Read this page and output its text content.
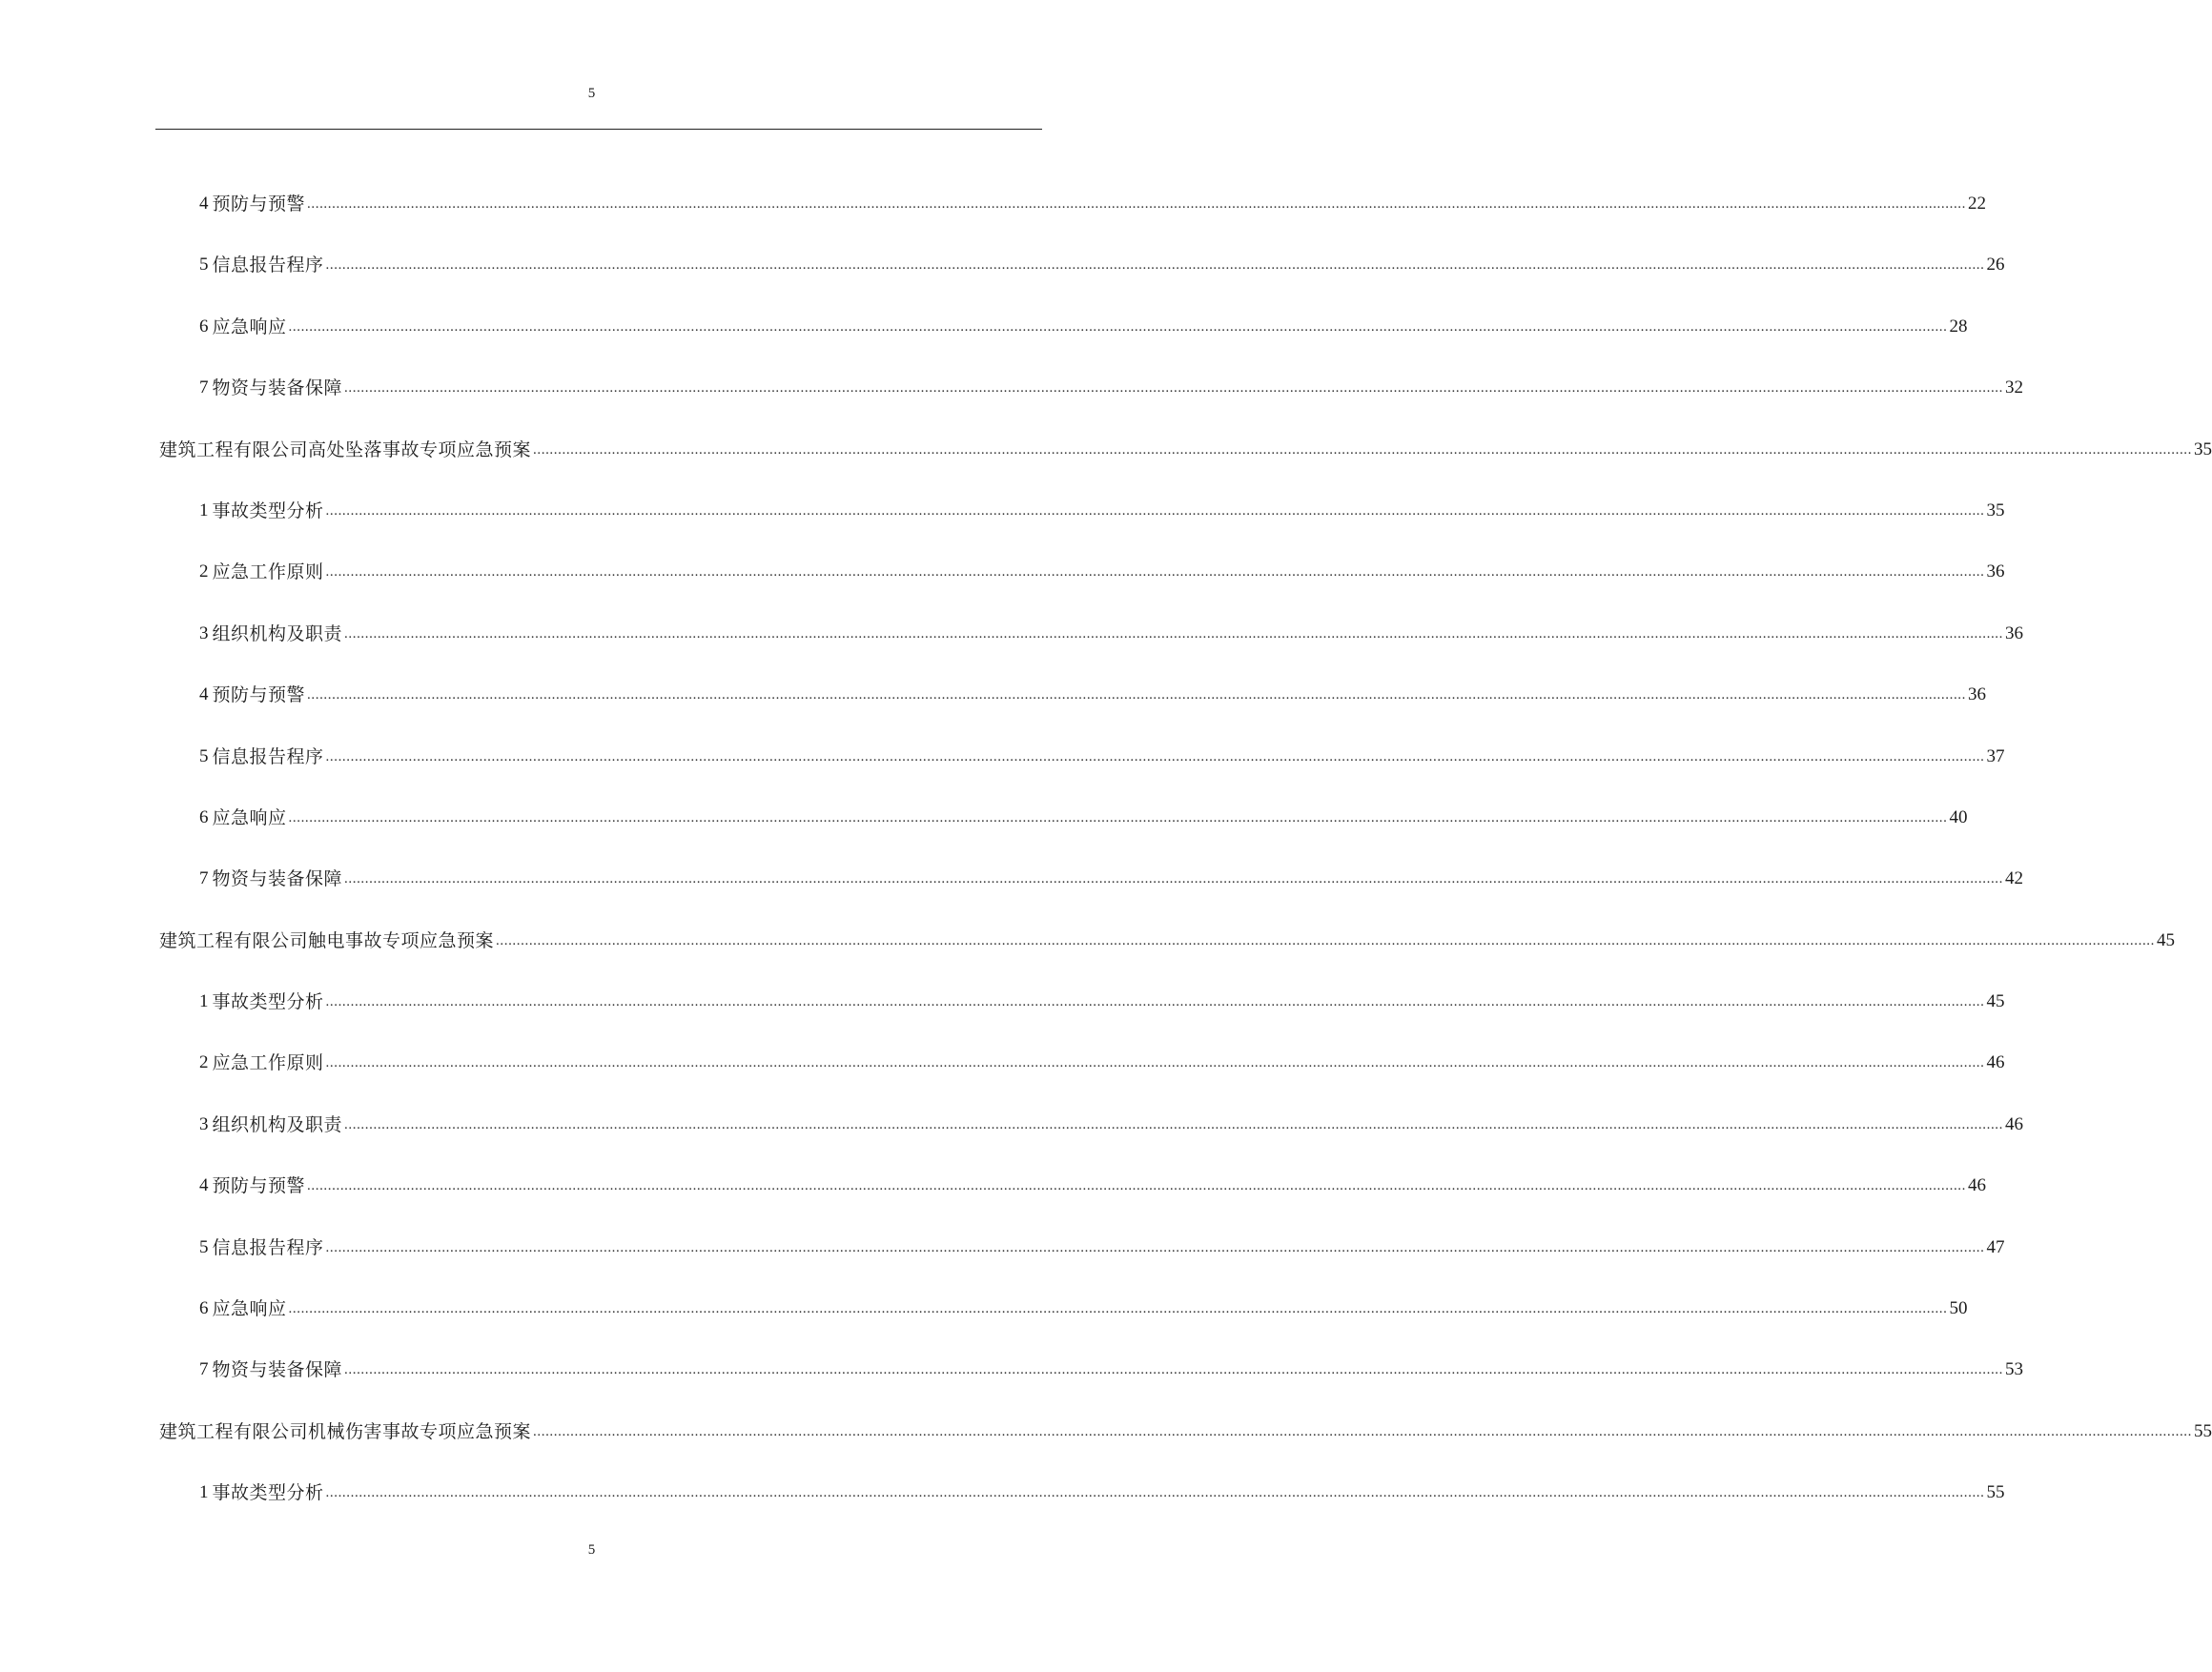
5
4 预防与预警 ................................................................................................................................................................................................................................................................................................................................................................................................................ 22
5 信息报告程序 ................................................................................................................................................................................................................................................................................................................................................................................................................ 26
6 应急响应 ................................................................................................................................................................................................................................................................................................................................................................................................................ 28
7 物资与装备保障 ................................................................................................................................................................................................................................................................................................................................................................................................................ 32
建筑工程有限公司高处坠落事故专项应急预案 ................................................................................................................................................................................................................................................................................................................................................................................................................ 35
1 事故类型分析 ................................................................................................................................................................................................................................................................................................................................................................................................................ 35
2 应急工作原则 ................................................................................................................................................................................................................................................................................................................................................................................................................ 36
3 组织机构及职责 ................................................................................................................................................................................................................................................................................................................................................................................................................ 36
4 预防与预警 ................................................................................................................................................................................................................................................................................................................................................................................................................ 36
5 信息报告程序 ................................................................................................................................................................................................................................................................................................................................................................................................................ 37
6 应急响应 ................................................................................................................................................................................................................................................................................................................................................................................................................ 40
7 物资与装备保障 ................................................................................................................................................................................................................................................................................................................................................................................................................ 42
建筑工程有限公司触电事故专项应急预案 ................................................................................................................................................................................................................................................................................................................................................................................................................ 45
1 事故类型分析 ................................................................................................................................................................................................................................................................................................................................................................................................................ 45
2 应急工作原则 ................................................................................................................................................................................................................................................................................................................................................................................................................ 46
3 组织机构及职责 ................................................................................................................................................................................................................................................................................................................................................................................................................ 46
4 预防与预警 ................................................................................................................................................................................................................................................................................................................................................................................................................ 46
5 信息报告程序 ................................................................................................................................................................................................................................................................................................................................................................................................................ 47
6 应急响应 ................................................................................................................................................................................................................................................................................................................................................................................................................ 50
7 物资与装备保障 ................................................................................................................................................................................................................................................................................................................................................................................................................ 53
建筑工程有限公司机械伤害事故专项应急预案 ................................................................................................................................................................................................................................................................................................................................................................................................................ 55
1 事故类型分析 ................................................................................................................................................................................................................................................................................................................................................................................................................ 55
5
